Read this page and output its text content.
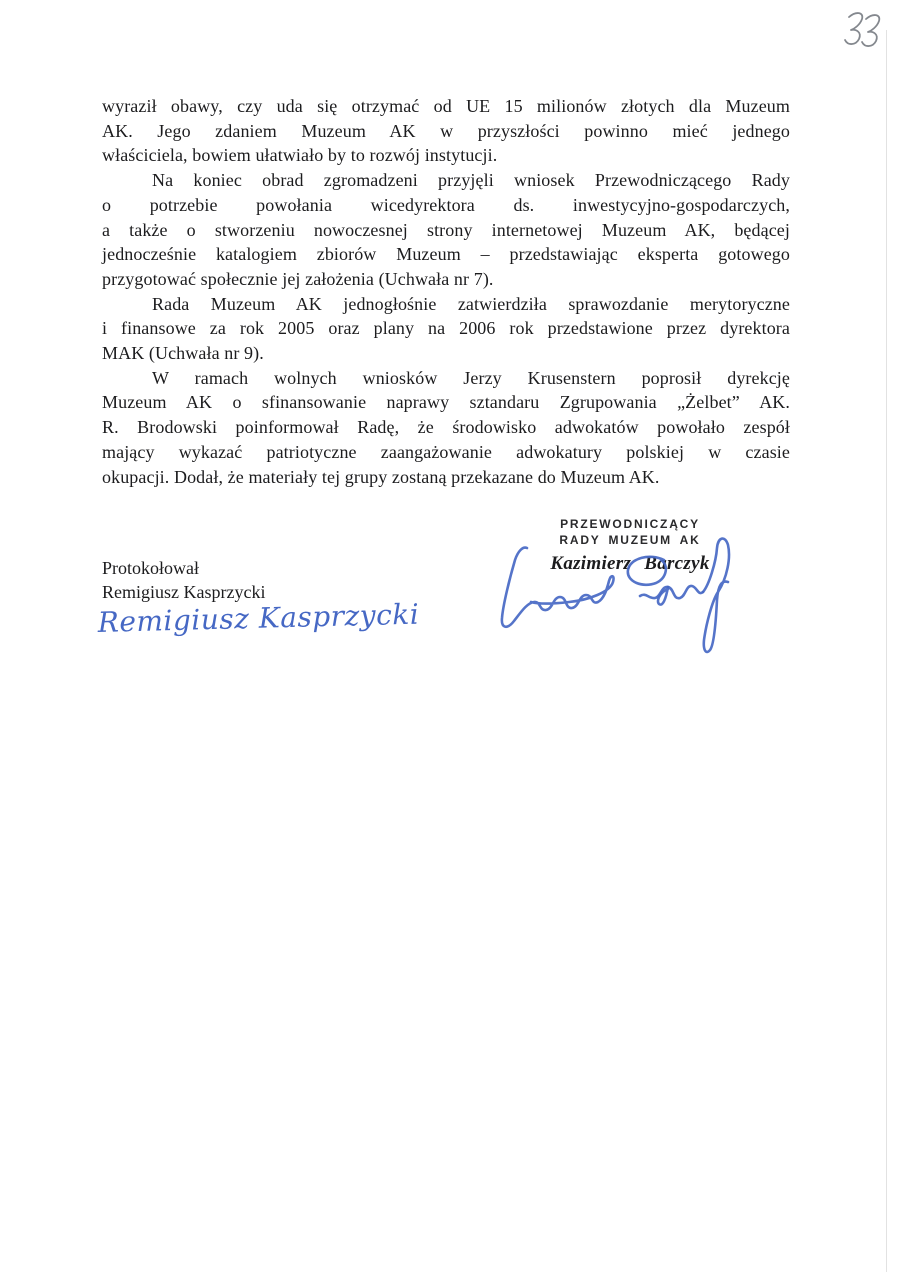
wyraził obawy, czy uda się otrzymać od UE 15 milionów złotych dla Muzeum
AK. Jego zdaniem Muzeum AK w przyszłości powinno mieć jednego
właściciela, bowiem ułatwiało by to rozwój instytucji.
Na koniec obrad zgromadzeni przyjęli wniosek Przewodniczącego Rady
o potrzebie powołania wicedyrektora ds. inwestycyjno-gospodarczych,
a także o stworzeniu nowoczesnej strony internetowej Muzeum AK, będącej
jednocześnie katalogiem zbiorów Muzeum – przedstawiając eksperta gotowego
przygotować społecznie jej założenia (Uchwała nr 7).
Rada Muzeum AK jednogłośnie zatwierdziła sprawozdanie merytoryczne
i finansowe za rok 2005 oraz plany na 2006 rok przedstawione przez dyrektora
MAK (Uchwała nr 9).
W ramach wolnych wniosków Jerzy Krusenstern poprosił dyrekcję
Muzeum AK o sfinansowanie naprawy sztandaru Zgrupowania „Żelbet” AK.
R. Brodowski poinformował Radę, że środowisko adwokatów powołało zespół
mający wykazać patriotyczne zaangażowanie adwokatury polskiej w czasie
okupacji. Dodał, że materiały tej grupy zostaną przekazane do Muzeum AK.
Protokołował
Remigiusz Kasprzycki
Remigiusz Kasprzycki
PRZEWODNICZĄCY
RADY MUZEUM AK
Kazimierz Barczyk
